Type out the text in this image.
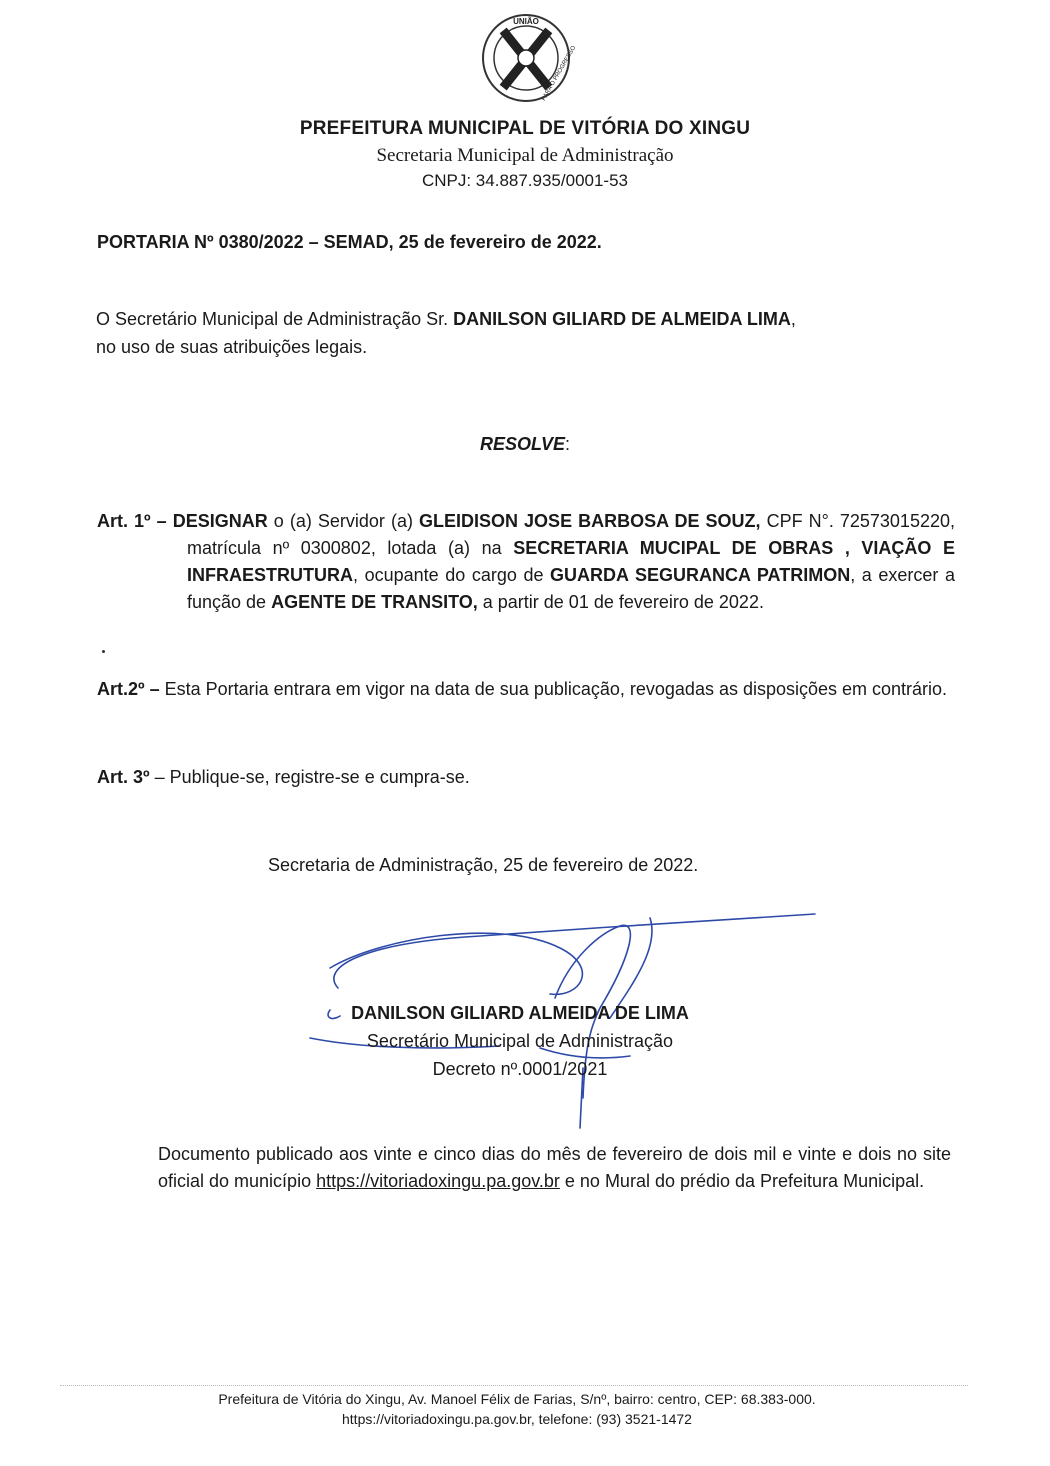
UNIÃO
PARA O PROGRESSO
PREFEITURA MUNICIPAL DE VITÓRIA DO XINGU
Secretaria Municipal de Administração
CNPJ: 34.887.935/0001-53
PORTARIA Nº 0380/2022 – SEMAD, 25 de fevereiro de 2022.
O Secretário Municipal de Administração Sr. DANILSON GILIARD DE ALMEIDA LIMA,
no uso de suas atribuições legais.
RESOLVE:
Art. 1º – DESIGNAR o (a) Servidor (a) GLEIDISON JOSE BARBOSA DE SOUZ, CPF N°. 72573015220, matrícula nº 0300802, lotada (a) na SECRETARIA MUCIPAL DE OBRAS , VIAÇÃO E INFRAESTRUTURA, ocupante do cargo de GUARDA SEGURANCA PATRIMON, a exercer a função de AGENTE DE TRANSITO, a partir de 01 de fevereiro de 2022.
Art.2º – Esta Portaria entrara em vigor na data de sua publicação, revogadas as disposições em contrário.
Art. 3º – Publique-se, registre-se e cumpra-se.
Secretaria de Administração, 25 de fevereiro de 2022.
DANILSON GILIARD ALMEIDA DE LIMA
Secretário Municipal de Administração
Decreto nº.0001/2021
Documento publicado aos vinte e cinco dias do mês de fevereiro de dois mil e vinte e dois no site oficial do município https://vitoriadoxingu.pa.gov.br e no Mural do prédio da Prefeitura Municipal.
Prefeitura de Vitória do Xingu, Av. Manoel Félix de Farias, S/nº, bairro: centro, CEP: 68.383-000.
https://vitoriadoxingu.pa.gov.br, telefone: (93) 3521-1472
